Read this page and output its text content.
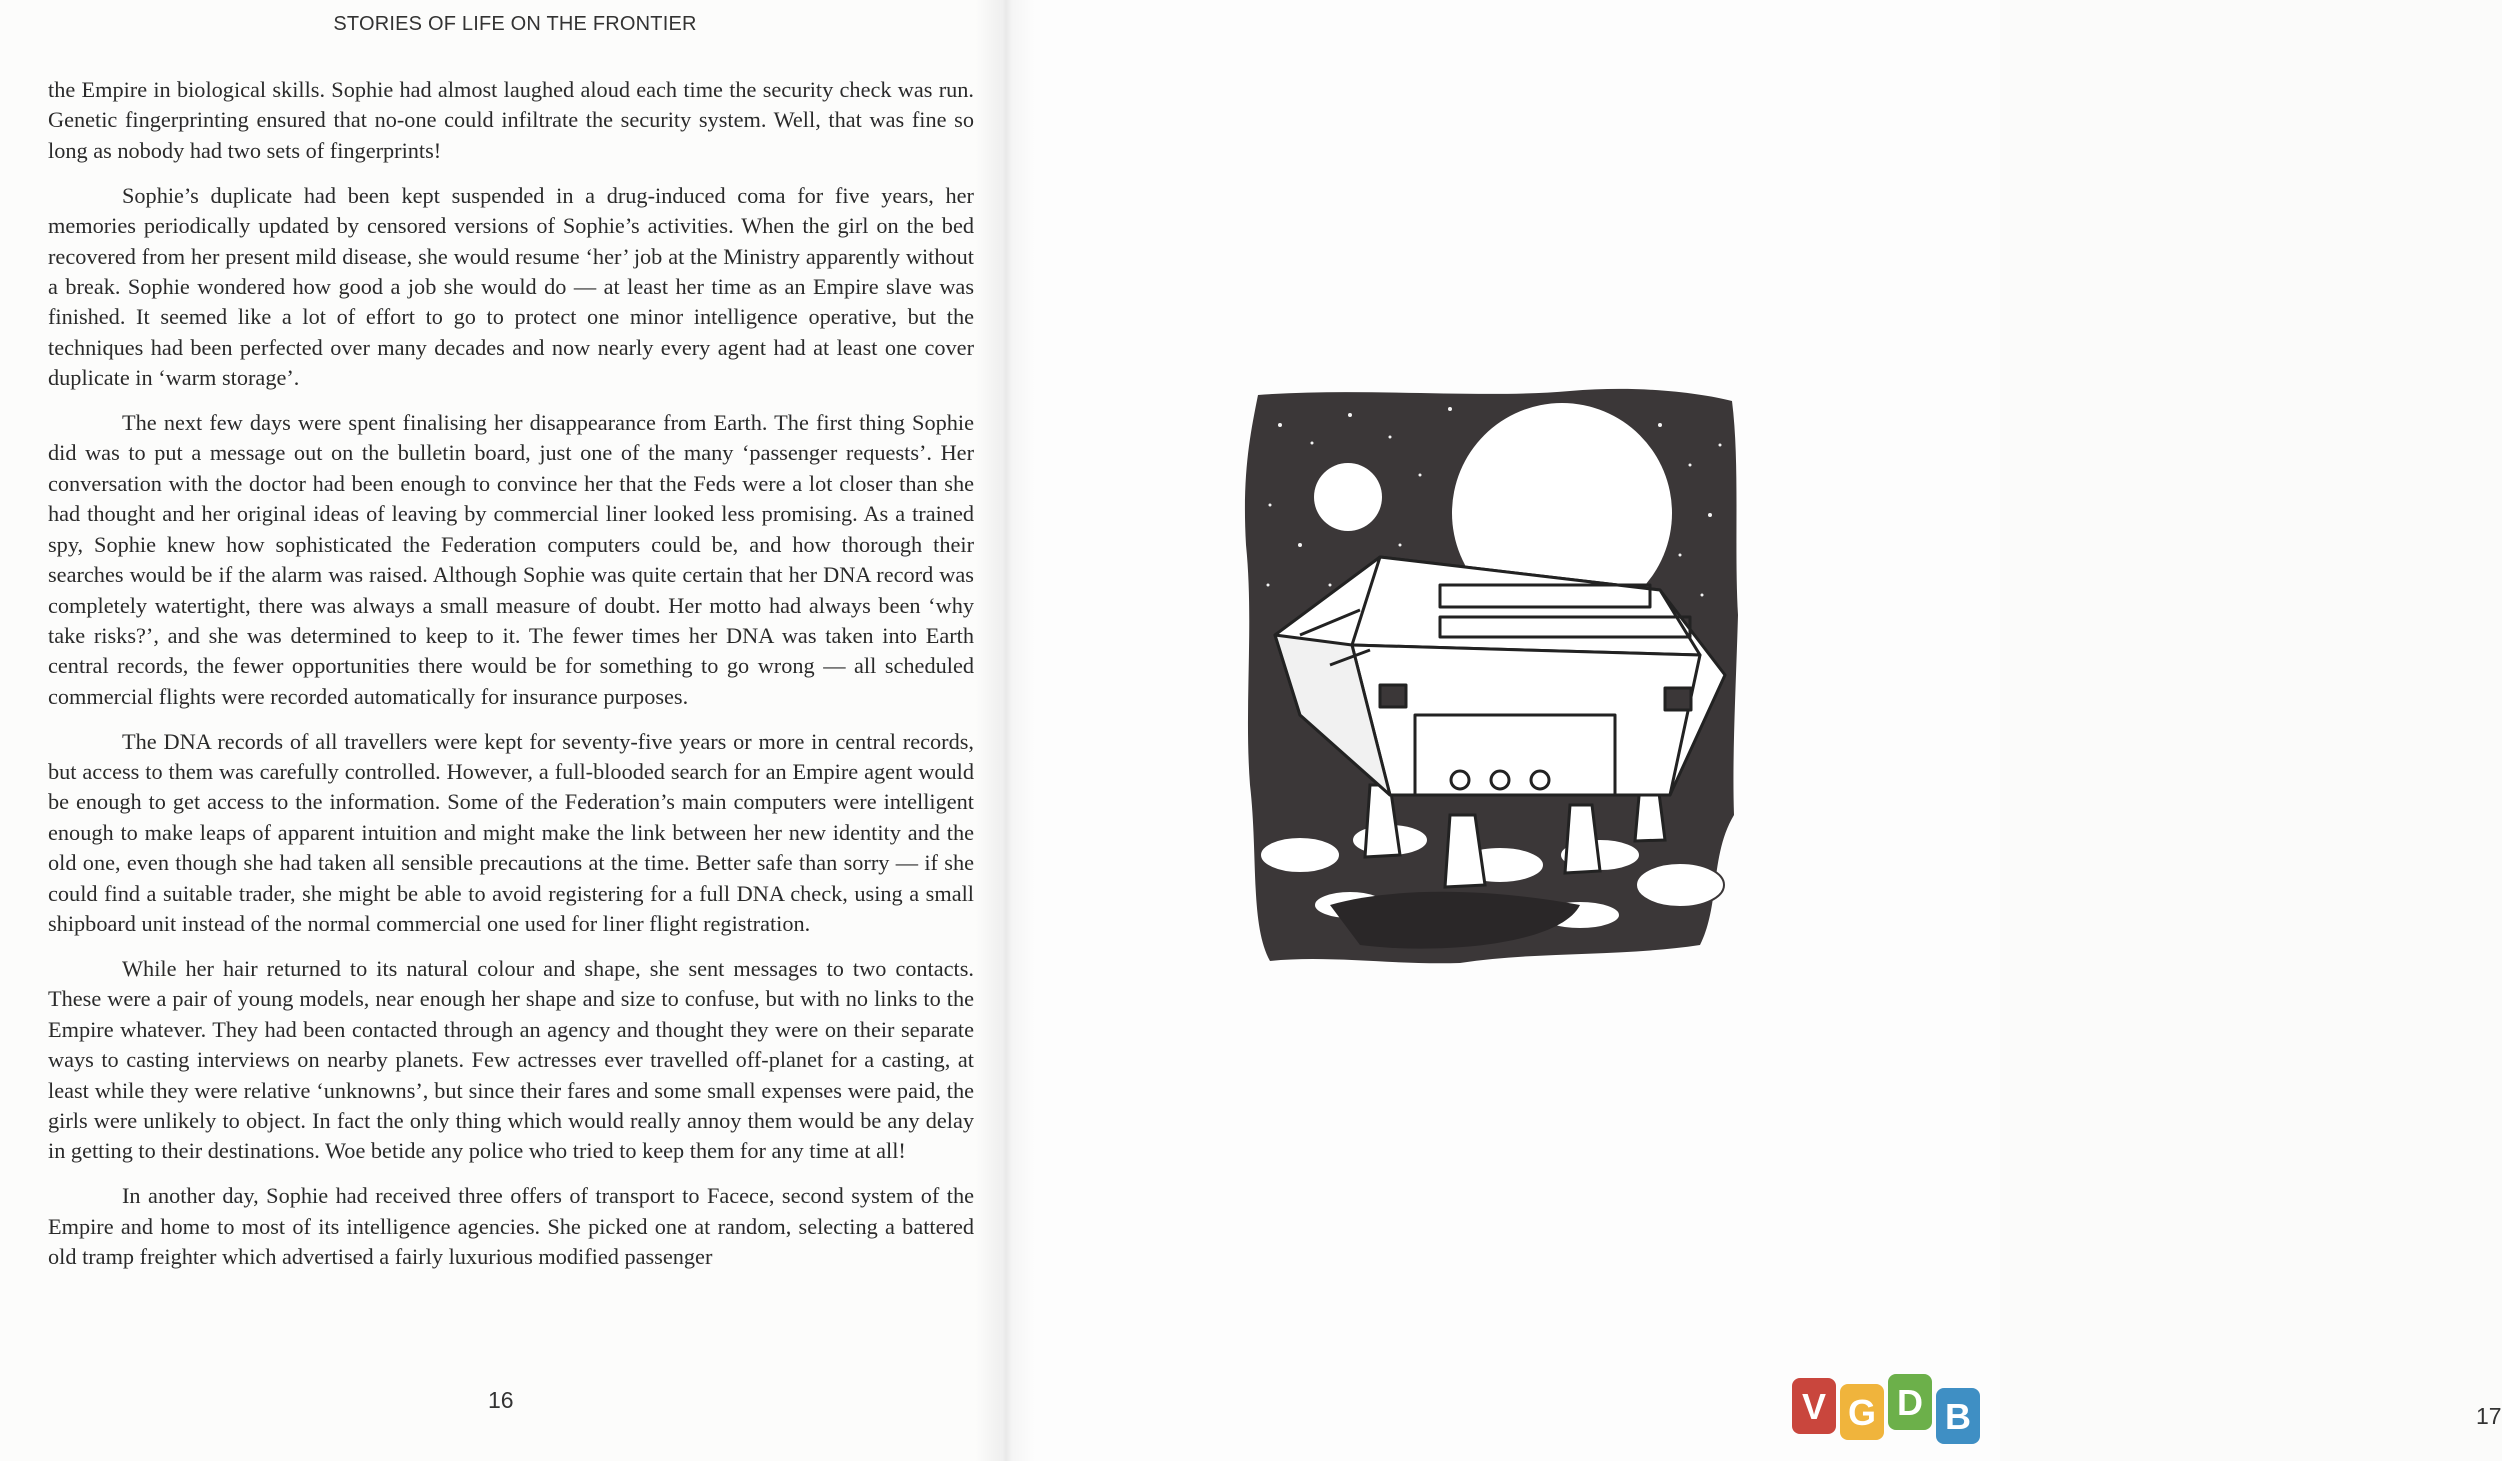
STORIES OF LIFE ON THE FRONTIER

the Empire in biological skills. Sophie had almost laughed aloud each time the security check was run. Genetic fingerprinting ensured that no-one could infiltrate the security system. Well, that was fine so long as nobody had two sets of fingerprints!

Sophie’s duplicate had been kept suspended in a drug-induced coma for five years, her memories periodically updated by censored versions of Sophie’s activities. When the girl on the bed recovered from her present mild disease, she would resume ‘her’ job at the Ministry apparently without a break. Sophie wondered how good a job she would do — at least her time as an Empire slave was finished. It seemed like a lot of effort to go to protect one minor intelligence operative, but the techniques had been perfected over many decades and now nearly every agent had at least one cover duplicate in ‘warm storage’.

The next few days were spent finalising her disappearance from Earth. The first thing Sophie did was to put a message out on the bulletin board, just one of the many ‘passenger requests’. Her conversation with the doctor had been enough to convince her that the Feds were a lot closer than she had thought and her original ideas of leaving by commercial liner looked less promising. As a trained spy, Sophie knew how sophisticated the Federation computers could be, and how thorough their searches would be if the alarm was raised. Although Sophie was quite certain that her DNA record was completely watertight, there was always a small measure of doubt. Her motto had always been ‘why take risks?’, and she was determined to keep to it. The fewer times her DNA was taken into Earth central records, the fewer opportunities there would be for something to go wrong — all scheduled commercial flights were recorded automatically for insurance purposes.

The DNA records of all travellers were kept for seventy-five years or more in central records, but access to them was carefully controlled. However, a full-blooded search for an Empire agent would be enough to get access to the information. Some of the Federation’s main computers were intelligent enough to make leaps of apparent intuition and might make the link between her new identity and the old one, even though she had taken all sensible precautions at the time. Better safe than sorry — if she could find a suitable trader, she might be able to avoid registering for a full DNA check, using a small shipboard unit instead of the normal commercial one used for liner flight registration.

While her hair returned to its natural colour and shape, she sent messages to two contacts. These were a pair of young models, near enough her shape and size to confuse, but with no links to the Empire whatever. They had been contacted through an agency and thought they were on their separate ways to casting interviews on nearby planets. Few actresses ever travelled off-planet for a casting, at least while they were relative ‘unknowns’, but since their fares and some small expenses were paid, the girls were unlikely to object. In fact the only thing which would really annoy them would be any delay in getting to their destinations. Woe betide any police who tried to keep them for any time at all!

In another day, Sophie had received three offers of transport to Facece, second system of the Empire and home to most of its intelligence agencies. She picked one at random, selecting a battered old tramp freighter which advertised a fairly luxurious modified passenger

16
17
V G D B
